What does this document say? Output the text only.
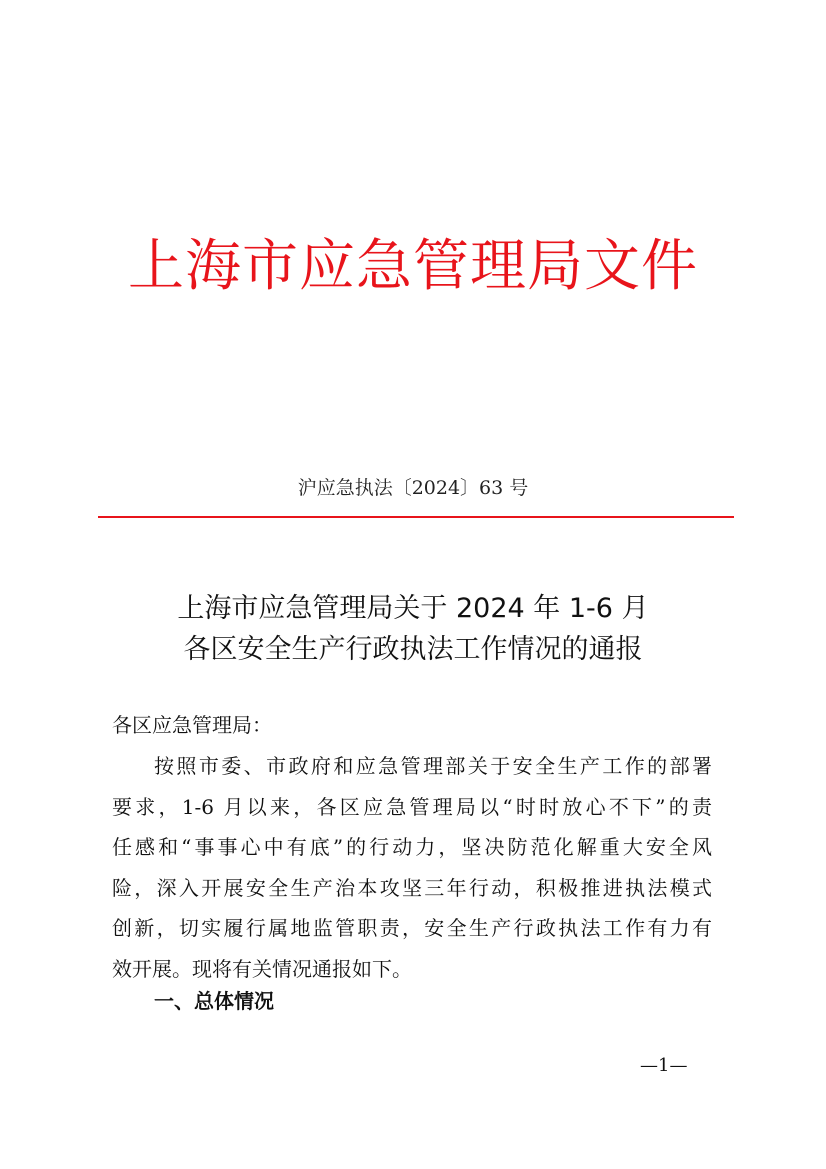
上海市应急管理局文件
沪应急执法〔2024〕63 号
上海市应急管理局关于 2024 年 1-6 月
各区安全生产行政执法工作情况的通报
各区应急管理局：
按照市委、市政府和应急管理部关于安全生产工作的部署
要求，1-6 月以来，各区应急管理局以“时时放心不下”的责
任感和“事事心中有底”的行动力，坚决防范化解重大安全风
险，深入开展安全生产治本攻坚三年行动，积极推进执法模式
创新，切实履行属地监管职责，安全生产行政执法工作有力有
效开展。现将有关情况通报如下。
一、总体情况
—1—
